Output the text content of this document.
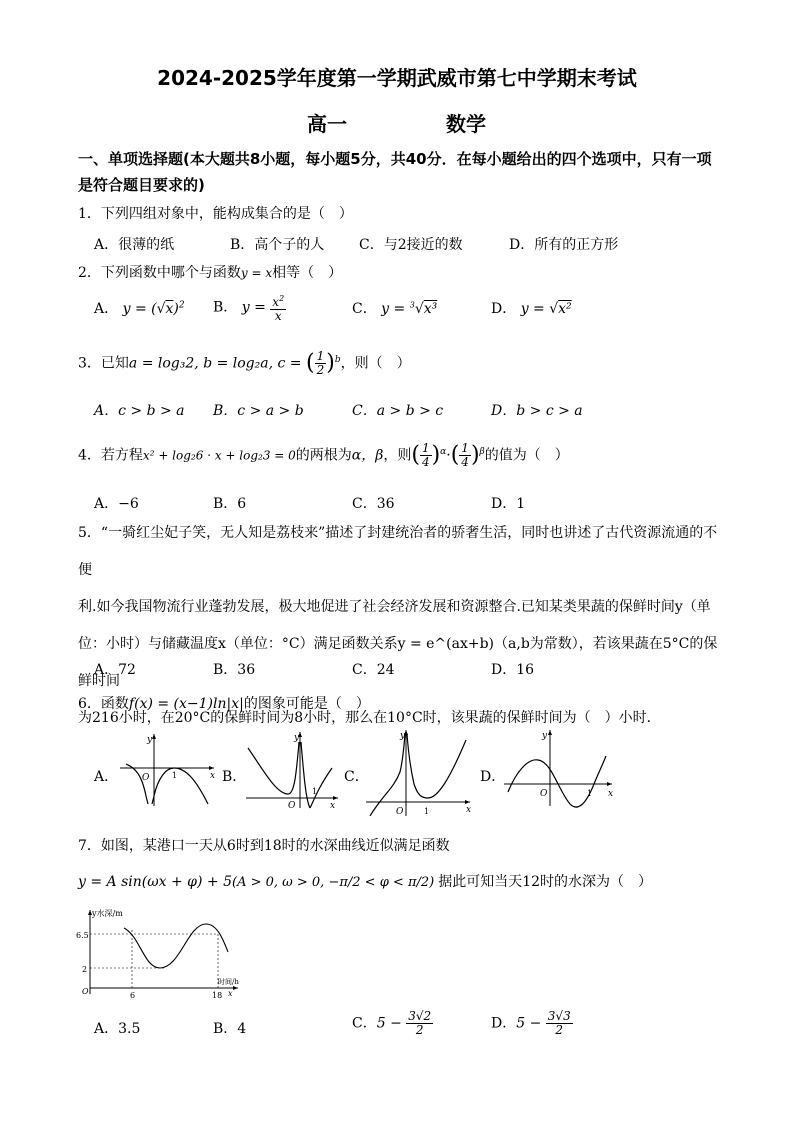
2024-2025学年度第一学期武威市第七中学期末考试
高一	数学
一、单项选择题(本大题共8小题，每小题5分，共40分．在每小题给出的四个选项中，只有一项是符合题目要求的)
1．下列四组对象中，能构成集合的是（　）
A．很薄的纸	B．高个子的人 C．与2接近的数	D．所有的正方形
2．下列函数中哪个与函数y = x相等（　）
A． $y = (√x)^2$ B． $y = \frac{x^2}{x}$	C． y = $^3$√x³	D． y = √x²
3．已知a = log₃2, b = log₂a, c = ( $\frac{1}{2} )^b$，则（　）
A．c > b > a B．c > a > b	C．a > b > c	D．b > c > a
4．若方程x² + log₂6 · x + log₂3 = 0的两根为α，β，则( $\frac{1}{4} )^\alpha\cdot( \frac{1}{4} )^\beta$的值为（　）
A．−6	B．6	C．36	D．1
5．“一骑红尘妃子笑，无人知是荔枝来”描述了封建统治者的骄奢生活，同时也讲述了古代资源流通的不便
利.如今我国物流行业蓬勃发展，极大地促进了社会经济发展和资源整合.已知某类果蔬的保鲜时间y（单
位：小时）与储藏温度x（单位：°C）满足函数关系y = e^(ax+b)（a,b为常数），若该果蔬在5°C的保鲜时间
为216小时，在20°C的保鲜时间为8小时，那么在10°C时，该果蔬的保鲜时间为（　）小时.
A．72	B．36	C．24	D．16
6．函数f(x) = (x−1)ln|x|的图象可能是（　）
A．
y
O	1	x B．
y
O
1
x
C．
y
O	1	x
D．
y
O	1 x
7．如图，某港口一天从6时到18时的水深曲线近似满足函数
y = A sin(ωx + φ) + 5(A > 0, ω > 0, −π/2 < φ < π/2) 据此可知当天12时的水深为（　）
y水深/m
6.5
2
O	6	18
时间/h
x
A．3.5	B．4	C．$5 - \frac{3√2}{2}$	D．$5 - \frac{3√3}{2}$
